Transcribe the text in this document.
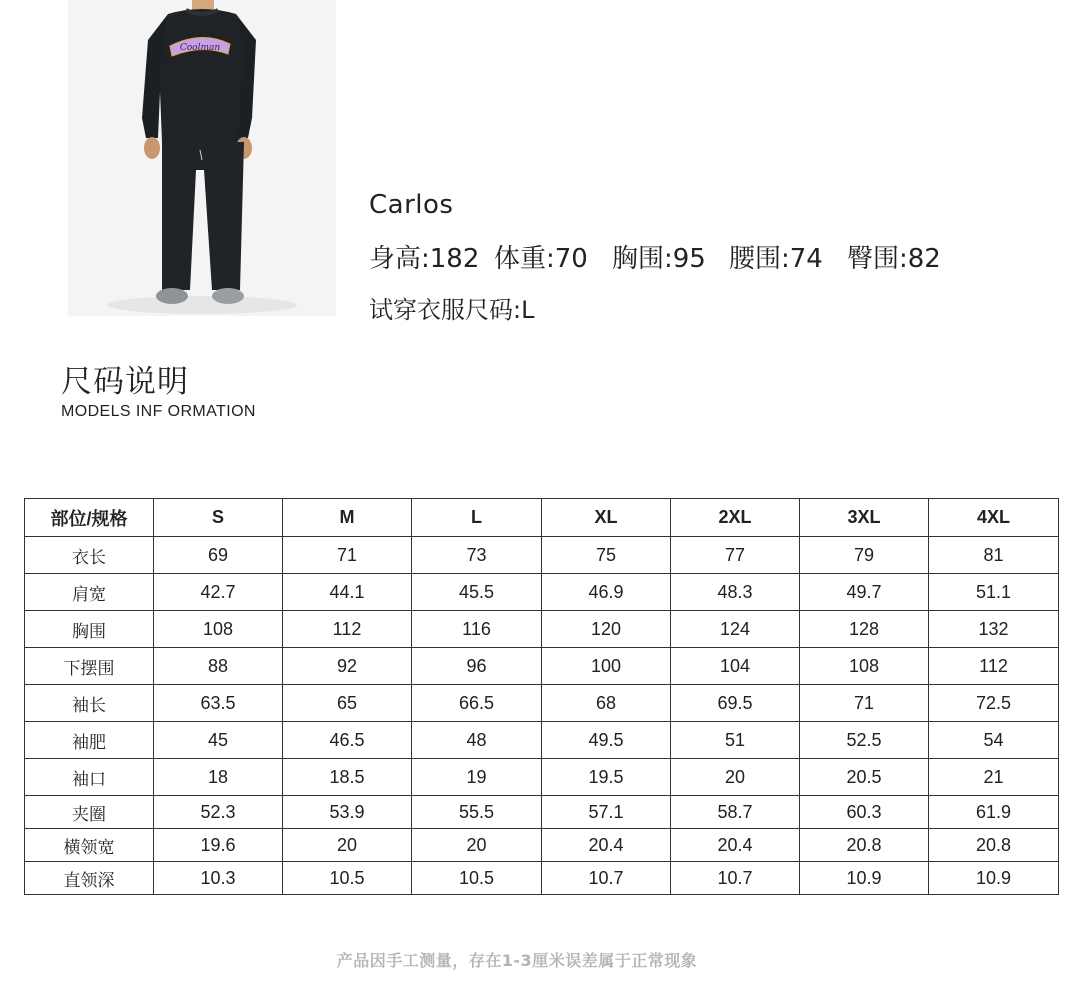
Coolman
Carlos
身高:182 体重:70 胸围:95 腰围:74 臀围:82
试穿衣服尺码:L
尺码说明
MODELS INF ORMATION
部位/规格	S	M	L	XL	2XL	3XL	4XL
衣长	69	71	73	75	77	79	81
肩宽	42.7	44.1	45.5	46.9	48.3	49.7	51.1
胸围	108	112	116	120	124	128	132
下摆围	88	92	96	100	104	108	112
袖长	63.5	65	66.5	68	69.5	71	72.5
袖肥	45	46.5	48	49.5	51	52.5	54
袖口	18	18.5	19	19.5	20	20.5	21
夹圈	52.3	53.9	55.5	57.1	58.7	60.3	61.9
横领宽	19.6	20	20	20.4	20.4	20.8	20.8
直领深	10.3	10.5	10.5	10.7	10.7	10.9	10.9
产品因手工测量，存在1-3厘米误差属于正常现象
